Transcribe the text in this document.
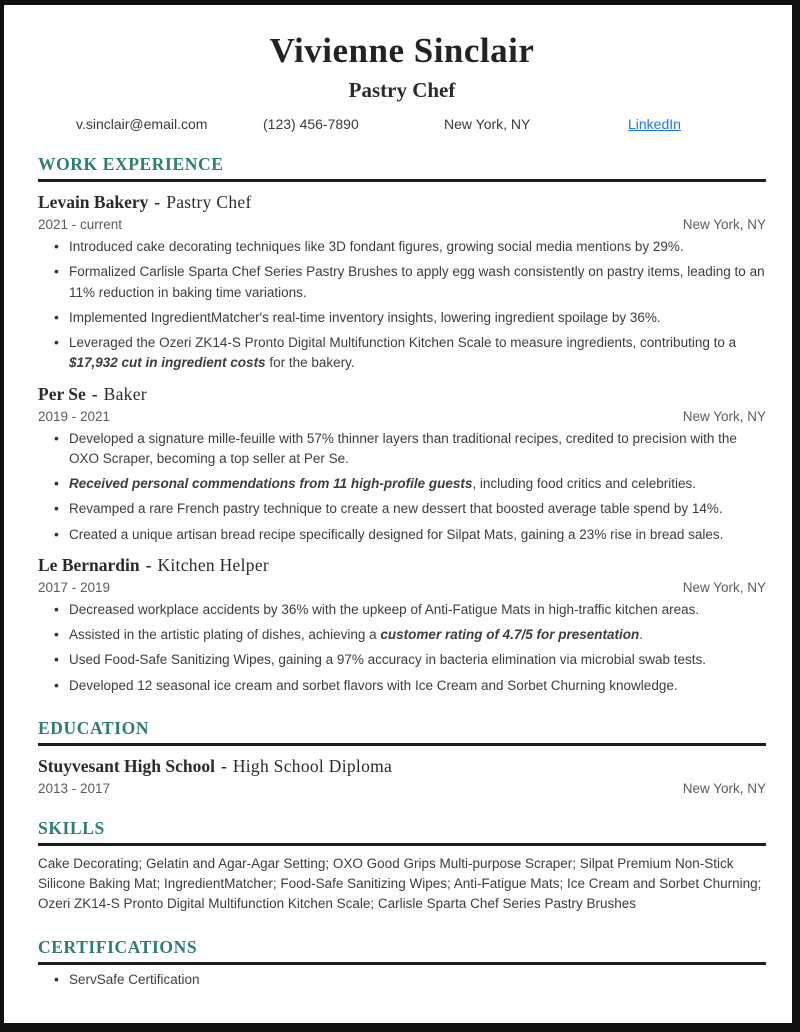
Vivienne Sinclair
Pastry Chef
v.sinclair@email.com	(123) 456-7890	New York, NY	LinkedIn
WORK EXPERIENCE
Levain Bakery - Pastry Chef
2021 - current	New York, NY
• Introduced cake decorating techniques like 3D fondant figures, growing social media mentions by 29%.
• Formalized Carlisle Sparta Chef Series Pastry Brushes to apply egg wash consistently on pastry items, leading to an 11% reduction in baking time variations.
• Implemented IngredientMatcher's real-time inventory insights, lowering ingredient spoilage by 36%.
• Leveraged the Ozeri ZK14-S Pronto Digital Multifunction Kitchen Scale to measure ingredients, contributing to a $17,932 cut in ingredient costs for the bakery.
Per Se - Baker
2019 - 2021	New York, NY
• Developed a signature mille-feuille with 57% thinner layers than traditional recipes, credited to precision with the OXO Scraper, becoming a top seller at Per Se.
• Received personal commendations from 11 high-profile guests, including food critics and celebrities.
• Revamped a rare French pastry technique to create a new dessert that boosted average table spend by 14%.
• Created a unique artisan bread recipe specifically designed for Silpat Mats, gaining a 23% rise in bread sales.
Le Bernardin - Kitchen Helper
2017 - 2019	New York, NY
• Decreased workplace accidents by 36% with the upkeep of Anti-Fatigue Mats in high-traffic kitchen areas.
• Assisted in the artistic plating of dishes, achieving a customer rating of 4.7/5 for presentation.
• Used Food-Safe Sanitizing Wipes, gaining a 97% accuracy in bacteria elimination via microbial swab tests.
• Developed 12 seasonal ice cream and sorbet flavors with Ice Cream and Sorbet Churning knowledge.
EDUCATION
Stuyvesant High School - High School Diploma
2013 - 2017	New York, NY
SKILLS
Cake Decorating; Gelatin and Agar-Agar Setting; OXO Good Grips Multi-purpose Scraper; Silpat Premium Non-Stick Silicone Baking Mat; IngredientMatcher; Food-Safe Sanitizing Wipes; Anti-Fatigue Mats; Ice Cream and Sorbet Churning; Ozeri ZK14-S Pronto Digital Multifunction Kitchen Scale; Carlisle Sparta Chef Series Pastry Brushes
CERTIFICATIONS
• ServSafe Certification
